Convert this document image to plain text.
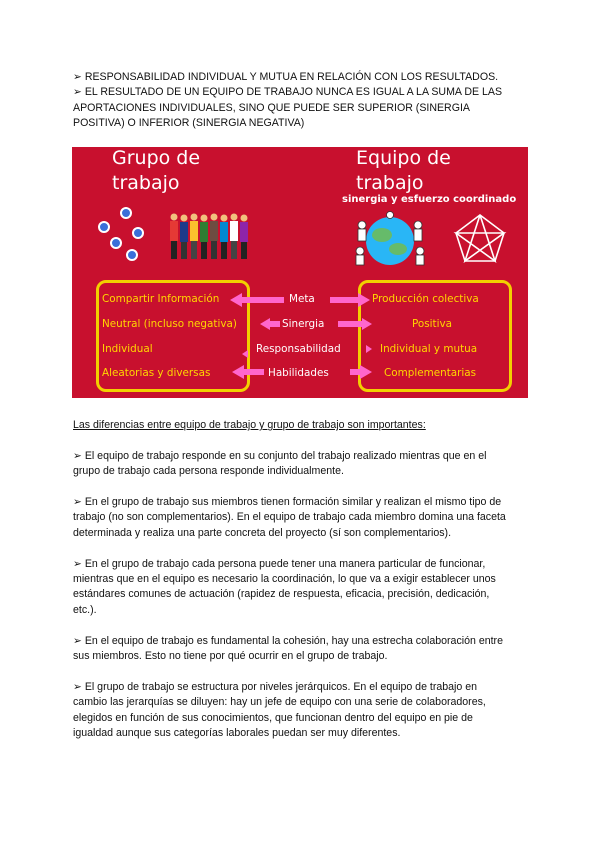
➢ RESPONSABILIDAD INDIVIDUAL Y MUTUA EN RELACIÓN CON LOS RESULTADOS.

➢ EL RESULTADO DE UN EQUIPO DE TRABAJO NUNCA ES IGUAL A LA SUMA DE LAS

APORTACIONES INDIVIDUALES, SINO QUE PUEDE SER SUPERIOR (SINERGIA

POSITIVA) O INFERIOR (SINERGIA NEGATIVA)

Grupo de
trabajo
Equipo de
trabajo
sinergia y esfuerzo coordinado
Compartir Información	Meta	Producción colectiva
Neutral (incluso negativa)	Sinergia	Positiva
Individual	Responsabilidad	Individual y mutua
Aleatorias y diversas	Habilidades	Complementarias

Las diferencias entre equipo de trabajo y grupo de trabajo son importantes:

➢ El equipo de trabajo responde en su conjunto del trabajo realizado mientras que en el
grupo de trabajo cada persona responde individualmente.

➢ En el grupo de trabajo sus miembros tienen formación similar y realizan el mismo tipo de
trabajo (no son complementarios). En el equipo de trabajo cada miembro domina una faceta
determinada y realiza una parte concreta del proyecto (sí son complementarios).

➢ En el grupo de trabajo cada persona puede tener una manera particular de funcionar,
mientras que en el equipo es necesario la coordinación, lo que va a exigir establecer unos
estándares comunes de actuación (rapidez de respuesta, eficacia, precisión, dedicación,
etc.).

➢ En el equipo de trabajo es fundamental la cohesión, hay una estrecha colaboración entre
sus miembros. Esto no tiene por qué ocurrir en el grupo de trabajo.

➢ El grupo de trabajo se estructura por niveles jerárquicos. En el equipo de trabajo en
cambio las jerarquías se diluyen: hay un jefe de equipo con una serie de colaboradores,
elegidos en función de sus conocimientos, que funcionan dentro del equipo en pie de
igualdad aunque sus categorías laborales puedan ser muy diferentes.
